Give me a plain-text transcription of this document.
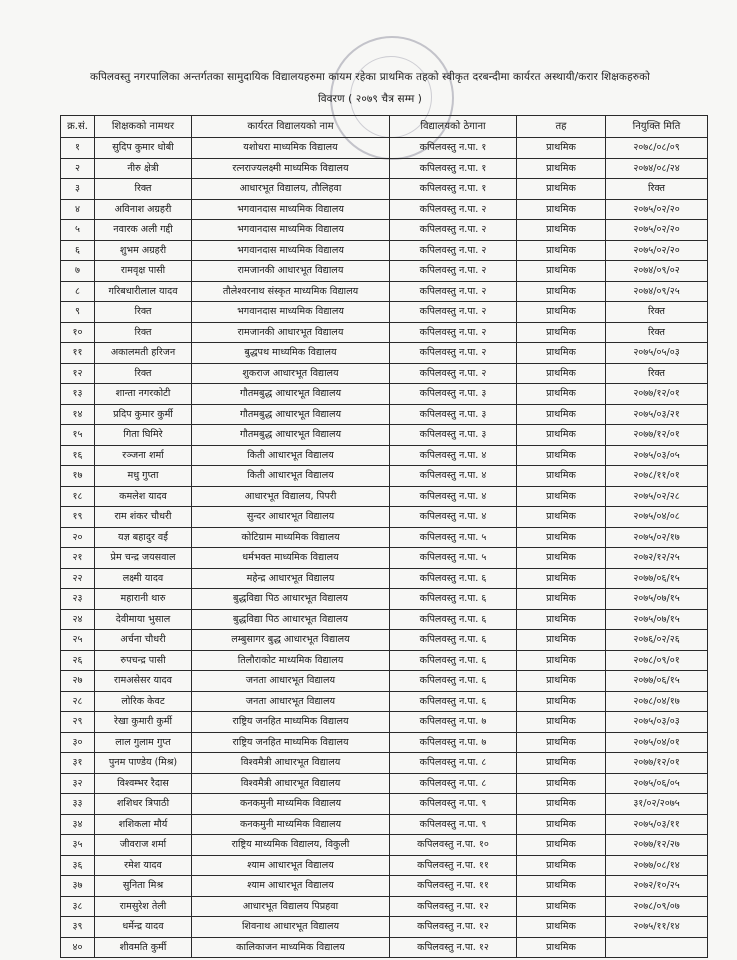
कपिलवस्तु नगरपालिका अन्तर्गतका सामुदायिक विद्यालयहरुमा कायम रहेका प्राथमिक तहको स्वीकृत दरबन्दीमा कार्यरत अस्थायी/करार शिक्षकहरुको
विवरण ( २०७९ चैत्र सम्म )
क्र.सं.	शिक्षकको नामथर	कार्यरत विद्यालयको नाम	विद्यालयको ठेगाना	तह	नियुक्ति मिति
१	सुदिप कुमार धोबी	यशोधरा माध्यमिक विद्यालय	कपिलवस्तु न.पा. १	प्राथमिक	२०७८/०८/०९
२	नीरु क्षेत्री	रत्नराज्यलक्ष्मी माध्यमिक विद्यालय	कपिलवस्तु न.पा. १	प्राथमिक	२०७४/०८/२४
३	रिक्त	आधारभूत विद्यालय, तौलिहवा	कपिलवस्तु न.पा. १	प्राथमिक	रिक्त
४	अविनाश अग्रहरी	भगवानदास माध्यमिक विद्यालय	कपिलवस्तु न.पा. २	प्राथमिक	२०७५/०२/२०
५	नवारक अली गद्दी	भगवानदास माध्यमिक विद्यालय	कपिलवस्तु न.पा. २	प्राथमिक	२०७५/०२/२०
६	शुभम अग्रहरी	भगवानदास माध्यमिक विद्यालय	कपिलवस्तु न.पा. २	प्राथमिक	२०७५/०२/२०
७	रामवृक्ष पासी	रामजानकी आधारभूत विद्यालय	कपिलवस्तु न.पा. २	प्राथमिक	२०७४/०९/०२
८	गरिबधारीलाल यादव	तौलेश्वरनाथ संस्कृत माध्यमिक विद्यालय	कपिलवस्तु न.पा. २	प्राथमिक	२०७४/०९/२५
९	रिक्त	भगवानदास माध्यमिक विद्यालय	कपिलवस्तु न.पा. २	प्राथमिक	रिक्त
१०	रिक्त	रामजानकी आधारभूत विद्यालय	कपिलवस्तु न.पा. २	प्राथमिक	रिक्त
११	अकालमती हरिजन	बुद्धपथ माध्यमिक विद्यालय	कपिलवस्तु न.पा. २	प्राथमिक	२०७५/०५/०३
१२	रिक्त	शुकराज आधारभूत विद्यालय	कपिलवस्तु न.पा. २	प्राथमिक	रिक्त
१३	शान्ता नगरकोटी	गौतमबुद्ध आधारभूत विद्यालय	कपिलवस्तु न.पा. ३	प्राथमिक	२०७७/१२/०१
१४	प्रदिप कुमार कुर्मी	गौतमबुद्ध आधारभूत विद्यालय	कपिलवस्तु न.पा. ३	प्राथमिक	२०७५/०३/२१
१५	गिता घिमिरे	गौतमबुद्ध आधारभूत विद्यालय	कपिलवस्तु न.पा. ३	प्राथमिक	२०७७/१२/०१
१६	रञ्जना शर्मा	किती आधारभूत विद्यालय	कपिलवस्तु न.पा. ४	प्राथमिक	२०७५/०३/०५
१७	मधु गुप्ता	किती आधारभूत विद्यालय	कपिलवस्तु न.पा. ४	प्राथमिक	२०७८/११/०१
१८	कमलेश यादव	आधारभूत विद्यालय, पिपरी	कपिलवस्तु न.पा. ४	प्राथमिक	२०७५/०२/२८
१९	राम शंकर चौधरी	सुन्दर आधारभूत विद्यालय	कपिलवस्तु न.पा. ४	प्राथमिक	२०७५/०४/०८
२०	यज्ञ बहादुर वर्ई	कोटिग्राम माध्यमिक विद्यालय	कपिलवस्तु न.पा. ५	प्राथमिक	२०७५/०२/१७
२१	प्रेम चन्द्र जयसवाल	धर्मभक्त माध्यमिक विद्यालय	कपिलवस्तु न.पा. ५	प्राथमिक	२०७२/१२/२५
२२	लक्ष्मी यादव	महेन्द्र आधारभूत विद्यालय	कपिलवस्तु न.पा. ६	प्राथमिक	२०७७/०६/१५
२३	महारानी थारु	बुद्धविद्या पिठ आधारभूत विद्यालय	कपिलवस्तु न.पा. ६	प्राथमिक	२०७५/०७/१५
२४	देवीमाया भुसाल	बुद्धविद्या पिठ आधारभूत विद्यालय	कपिलवस्तु न.पा. ६	प्राथमिक	२०७५/०७/१५
२५	अर्चना चौधरी	लम्बुसागर बुद्ध आधारभूत विद्यालय	कपिलवस्तु न.पा. ६	प्राथमिक	२०७६/०२/२६
२६	रुपचन्द्र पासी	तिलौराकोट माध्यमिक विद्यालय	कपिलवस्तु न.पा. ६	प्राथमिक	२०७८/०९/०१
२७	रामअसेसर यादव	जनता आधारभूत विद्यालय	कपिलवस्तु न.पा. ६	प्राथमिक	२०७७/०६/१५
२८	लोरिक केवट	जनता आधारभूत विद्यालय	कपिलवस्तु न.पा. ६	प्राथमिक	२०७८/०४/१७
२९	रेखा कुमारी कुर्मी	राष्ट्रिय जनहित माध्यमिक विद्यालय	कपिलवस्तु न.पा. ७	प्राथमिक	२०७५/०३/०३
३०	लाल गुलाम गुप्त	राष्ट्रिय जनहित माध्यमिक विद्यालय	कपिलवस्तु न.पा. ७	प्राथमिक	२०७५/०४/०१
३१	पुनम पाण्डेय (मिश्र)	विश्वमैत्री आधारभूत विद्यालय	कपिलवस्तु न.पा. ८	प्राथमिक	२०७७/१२/०१
३२	विश्वम्भर रैदास	विश्वमैत्री आधारभूत विद्यालय	कपिलवस्तु न.पा. ८	प्राथमिक	२०७५/०६/०५
३३	शशिधर त्रिपाठी	कनकमुनी माध्यमिक विद्यालय	कपिलवस्तु न.पा. ९	प्राथमिक	३१/०२/२०७५
३४	शशिकला मौर्य	कनकमुनी माध्यमिक विद्यालय	कपिलवस्तु न.पा. ९	प्राथमिक	२०७५/०३/११
३५	जीवराज शर्मा	राष्ट्रिय माध्यमिक विद्यालय, विकुली	कपिलवस्तु न.पा. १०	प्राथमिक	२०७७/१२/२७
३६	रमेश यादव	श्याम आधारभूत विद्यालय	कपिलवस्तु न.पा. ११	प्राथमिक	२०७७/०८/१४
३७	सुनिता मिश्र	श्याम आधारभूत विद्यालय	कपिलवस्तु न.पा. ११	प्राथमिक	२०७२/१०/२५
३८	रामसुरेश तेली	आधारभूत विद्यालय पिप्रहवा	कपिलवस्तु न.पा. १२	प्राथमिक	२०७८/०९/०७
३९	धर्मेन्द्र यादव	शिवनाथ आधारभूत विद्यालय	कपिलवस्तु न.पा. १२	प्राथमिक	२०७५/११/१४
४०	शीवमति कुर्मी	कालिकाजन माध्यमिक विद्यालय	कपिलवस्तु न.पा. १२	प्राथमिक	
